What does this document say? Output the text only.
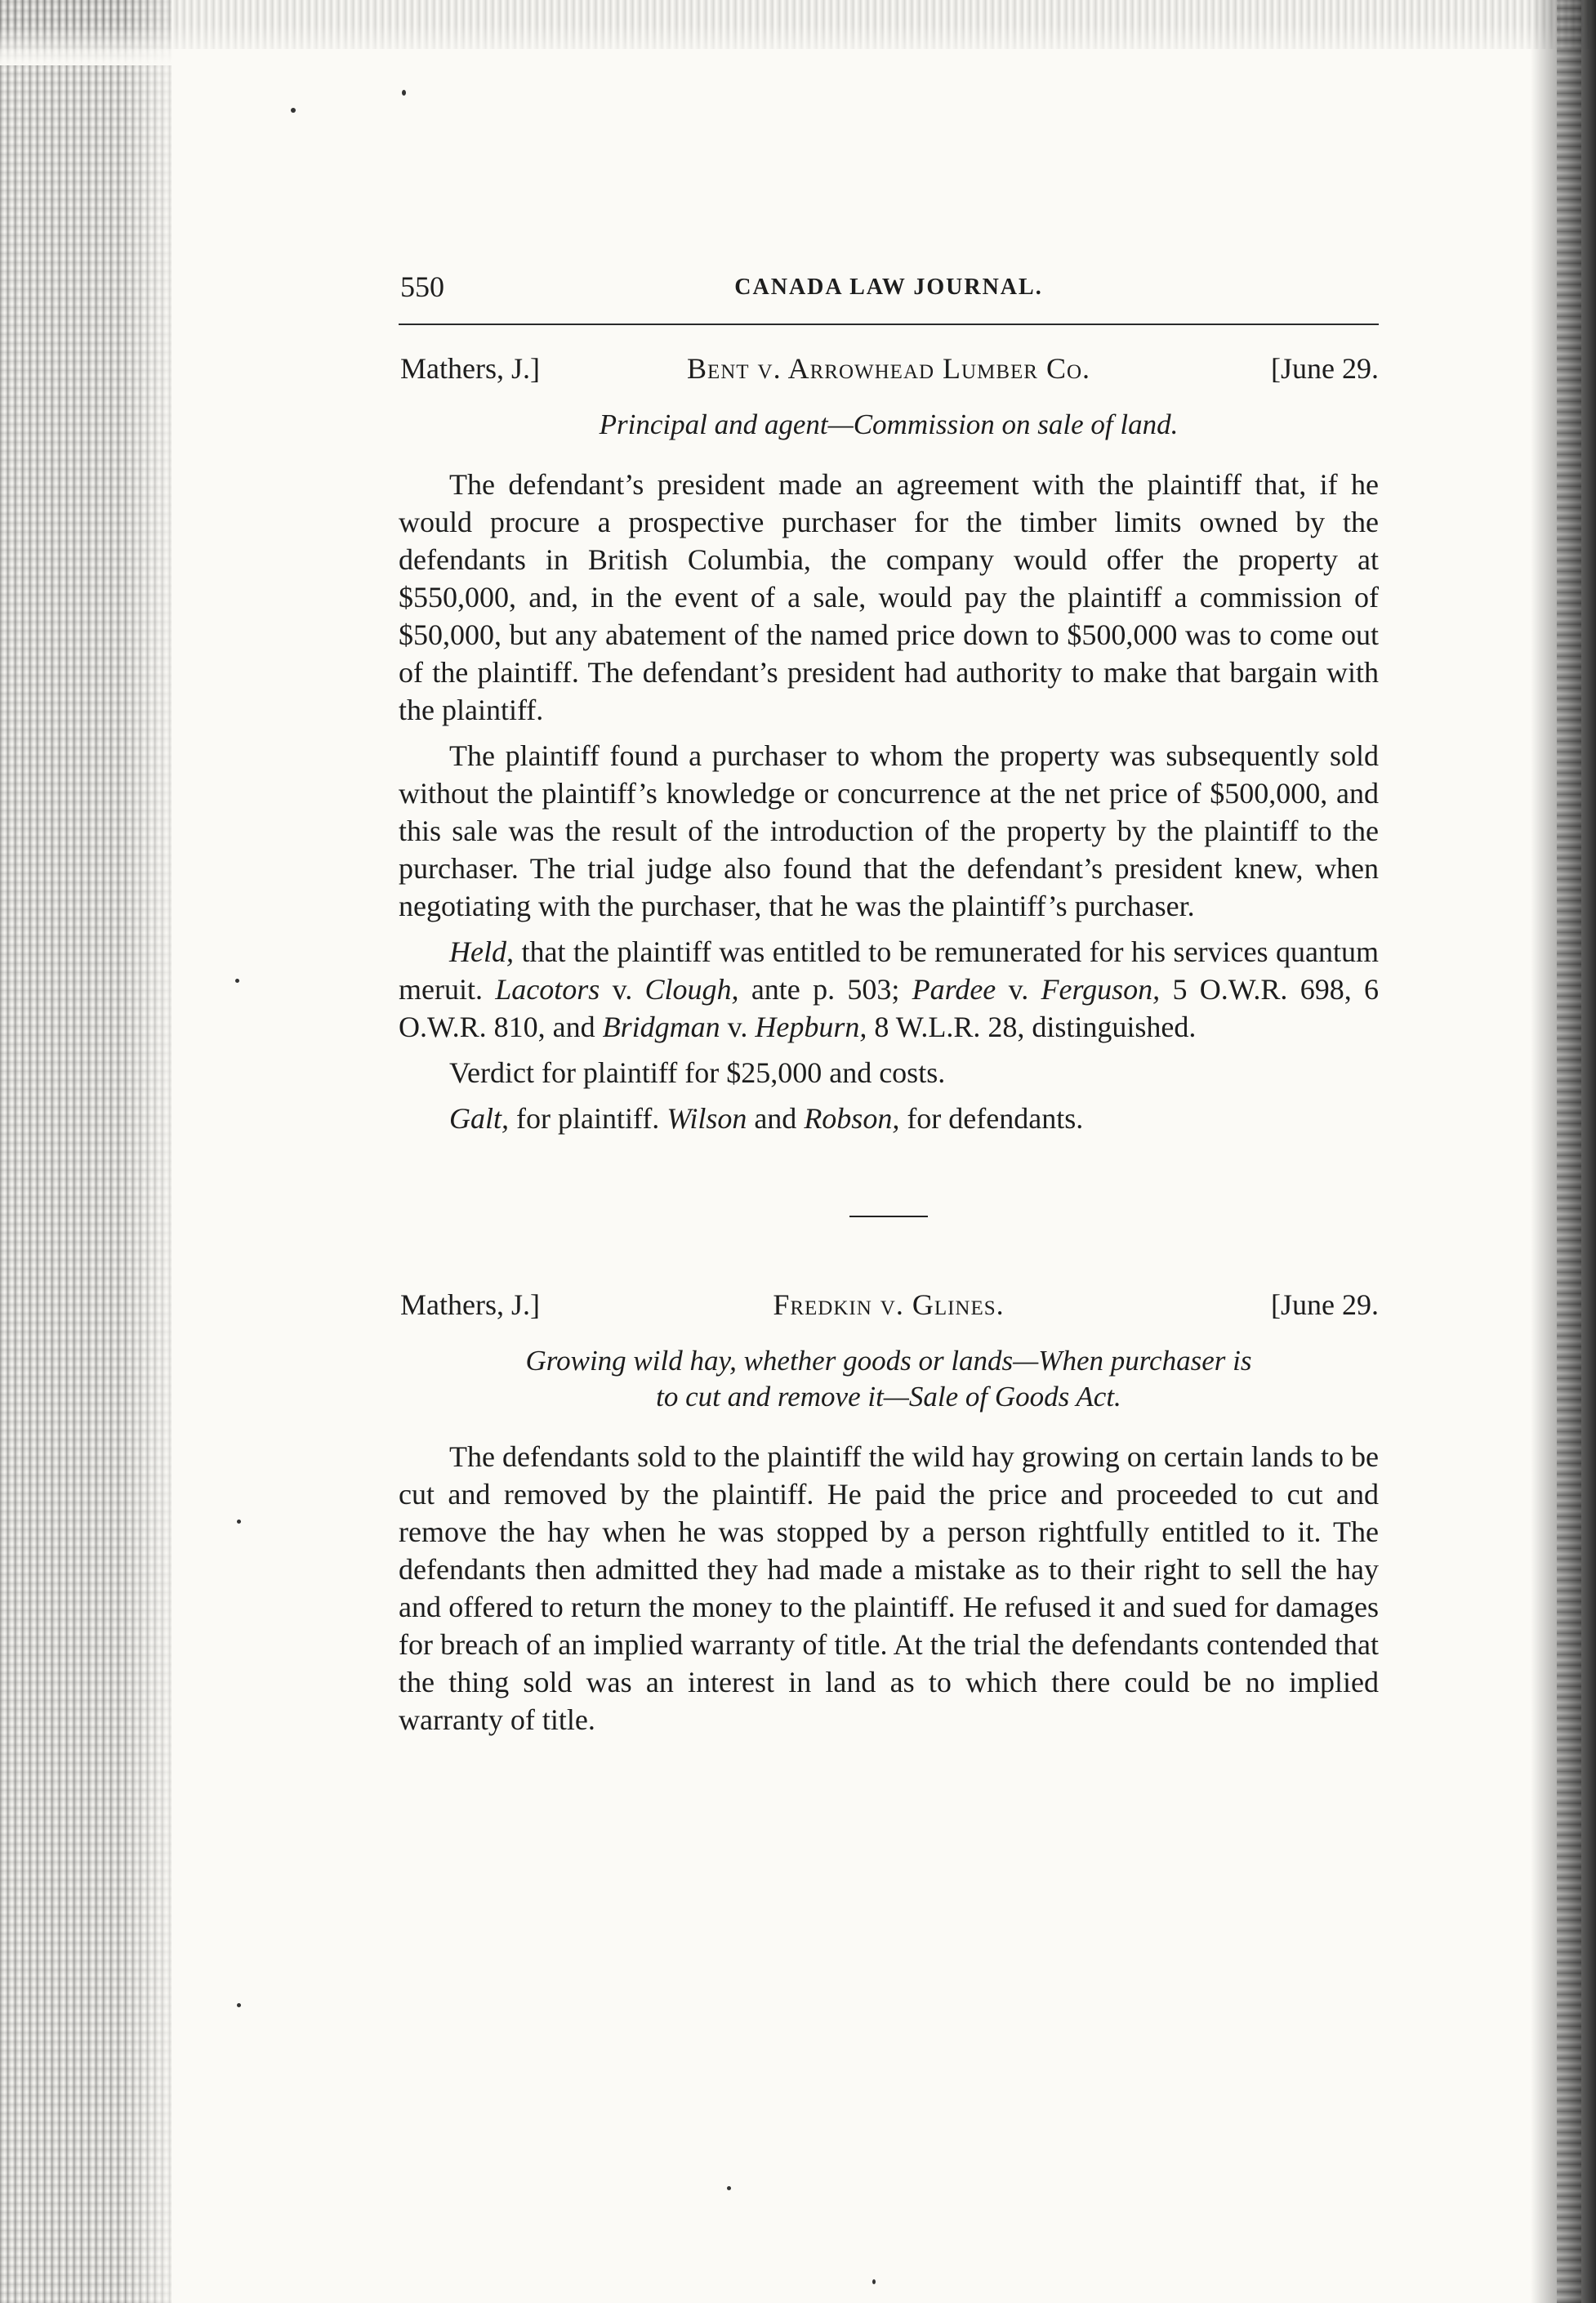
550	CANADA LAW JOURNAL.
Mathers, J.]	Bent v. Arrowhead Lumber Co.	[June 29.
Principal and agent—Commission on sale of land.

The defendant’s president made an agreement with the plaintiff that, if he would procure a prospective purchaser for the timber limits owned by the defendants in British Columbia, the company would offer the property at $550,000, and, in the event of a sale, would pay the plaintiff a commission of $50,000, but any abatement of the named price down to $500,000 was to come out of the plaintiff. The defendant’s president had authority to make that bargain with the plaintiff.

The plaintiff found a purchaser to whom the property was subsequently sold without the plaintiff’s knowledge or concurrence at the net price of $500,000, and this sale was the result of the introduction of the property by the plaintiff to the purchaser. The trial judge also found that the defendant’s president knew, when negotiating with the purchaser, that he was the plaintiff’s purchaser.

Held, that the plaintiff was entitled to be remunerated for his services quantum meruit. Lacotors v. Clough, ante p. 503; Pardee v. Ferguson, 5 O.W.R. 698, 6 O.W.R. 810, and Bridgman v. Hepburn, 8 W.L.R. 28, distinguished.

Verdict for plaintiff for $25,000 and costs.

Galt, for plaintiff. Wilson and Robson, for defendants.

Mathers, J.]	Fredkin v. Glines.	[June 29.
Growing wild hay, whether goods or lands—When purchaser is
to cut and remove it—Sale of Goods Act.

The defendants sold to the plaintiff the wild hay growing on certain lands to be cut and removed by the plaintiff. He paid the price and proceeded to cut and remove the hay when he was stopped by a person rightfully entitled to it. The defendants then admitted they had made a mistake as to their right to sell the hay and offered to return the money to the plaintiff. He refused it and sued for damages for breach of an implied warranty of title. At the trial the defendants contended that the thing sold was an interest in land as to which there could be no implied warranty of title.
